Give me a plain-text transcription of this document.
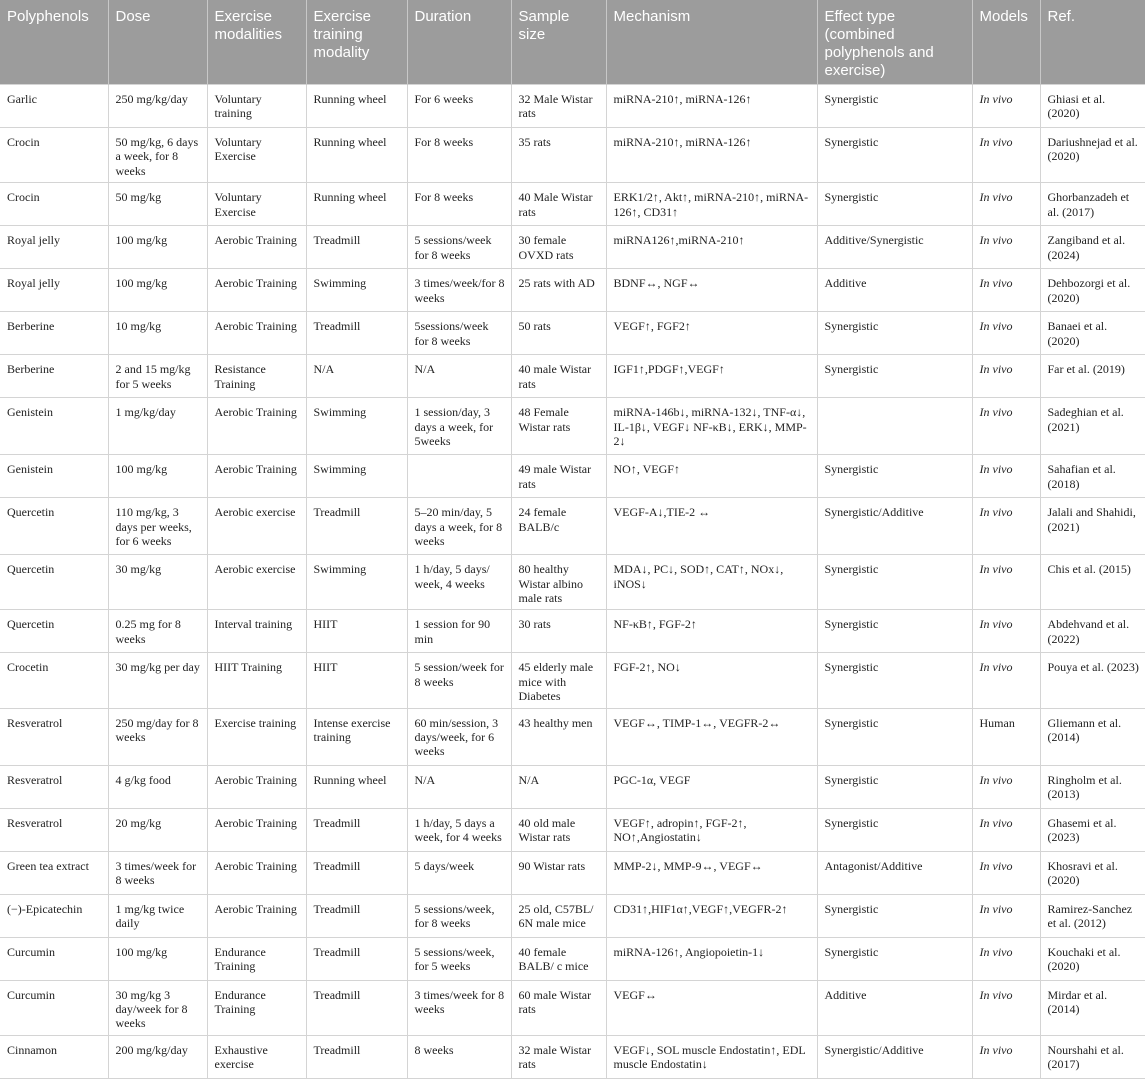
Polyphenols	Dose	Exercise modalities	Exercise training modality	Duration	Sample size	Mechanism	Effect type (combined polyphenols and exercise)	Models	Ref.
Garlic	250 mg/kg/day	Voluntary training	Running wheel	For 6 weeks	32 Male Wistar rats	miRNA-210↑, miRNA-126↑	Synergistic	In vivo	Ghiasi et al. (2020)
Crocin	50 mg/kg, 6 days a week, for 8 weeks	Voluntary Exercise	Running wheel	For 8 weeks	35 rats	miRNA-210↑, miRNA-126↑	Synergistic	In vivo	Dariushnejad et al. (2020)
Crocin	50 mg/kg	Voluntary Exercise	Running wheel	For 8 weeks	40 Male Wistar rats	ERK1/2↑, Akt↑, miRNA-210↑, miRNA-126↑, CD31↑	Synergistic	In vivo	Ghorbanzadeh et al. (2017)
Royal jelly	100 mg/kg	Aerobic Training	Treadmill	5 sessions/week for 8 weeks	30 female OVXD rats	miRNA126↑,miRNA-210↑	Additive/Synergistic	In vivo	Zangiband et al. (2024)
Royal jelly	100 mg/kg	Aerobic Training	Swimming	3 times/week/for 8 weeks	25 rats with AD	BDNF↔, NGF↔	Additive	In vivo	Dehbozorgi et al. (2020)
Berberine	10 mg/kg	Aerobic Training	Treadmill	5sessions/week for 8 weeks	50 rats	VEGF↑, FGF2↑	Synergistic	In vivo	Banaei et al. (2020)
Berberine	2 and 15 mg/kg for 5 weeks	Resistance Training	N/A	N/A	40 male Wistar rats	IGF1↑,PDGF↑,VEGF↑	Synergistic	In vivo	Far et al. (2019)
Genistein	1 mg/kg/day	Aerobic Training	Swimming	1 session/day, 3 days a week, for 5weeks	48 Female Wistar rats	miRNA-146b↓, miRNA-132↓, TNF-α↓, IL-1β↓, VEGF↓ NF-κB↓, ERK↓, MMP-2↓		In vivo	Sadeghian et al. (2021)
Genistein	100 mg/kg	Aerobic Training	Swimming		49 male Wistar rats	NO↑, VEGF↑	Synergistic	In vivo	Sahafian et al. (2018)
Quercetin	110 mg/kg, 3 days per weeks, for 6 weeks	Aerobic exercise	Treadmill	5–20 min/day, 5 days a week, for 8 weeks	24 female BALB/c	VEGF-A↓,TIE-2 ↔	Synergistic/Additive	In vivo	Jalali and Shahidi, (2021)
Quercetin	30 mg/kg	Aerobic exercise	Swimming	1 h/day, 5 days/ week, 4 weeks	80 healthy Wistar albino male rats	MDA↓, PC↓, SOD↑, CAT↑, NOx↓, iNOS↓	Synergistic	In vivo	Chis et al. (2015)
Quercetin	0.25 mg for 8 weeks	Interval training	HIIT	1 session for 90 min	30 rats	NF-κB↑, FGF-2↑	Synergistic	In vivo	Abdehvand et al. (2022)
Crocetin	30 mg/kg per day	HIIT Training	HIIT	5 session/week for 8 weeks	45 elderly male mice with Diabetes	FGF-2↑, NO↓	Synergistic	In vivo	Pouya et al. (2023)
Resveratrol	250 mg/day for 8 weeks	Exercise training	Intense exercise training	60 min/session, 3 days/week, for 6 weeks	43 healthy men	VEGF↔, TIMP-1↔, VEGFR-2↔	Synergistic	Human	Gliemann et al. (2014)
Resveratrol	4 g/kg food	Aerobic Training	Running wheel	N/A	N/A	PGC-1α, VEGF	Synergistic	In vivo	Ringholm et al. (2013)
Resveratrol	20 mg/kg	Aerobic Training	Treadmill	1 h/day, 5 days a week, for 4 weeks	40 old male Wistar rats	VEGF↑, adropin↑, FGF-2↑, NO↑,Angiostatin↓	Synergistic	In vivo	Ghasemi et al. (2023)
Green tea extract	3 times/week for 8 weeks	Aerobic Training	Treadmill	5 days/week	90 Wistar rats	MMP-2↓, MMP-9↔, VEGF↔	Antagonist/Additive	In vivo	Khosravi et al. (2020)
(−)-Epicatechin	1 mg/kg twice daily	Aerobic Training	Treadmill	5 sessions/week, for 8 weeks	25 old, C57BL/ 6N male mice	CD31↑,HIF1α↑,VEGF↑,VEGFR-2↑	Synergistic	In vivo	Ramirez-Sanchez et al. (2012)
Curcumin	100 mg/kg	Endurance Training	Treadmill	5 sessions/week, for 5 weeks	40 female BALB/ c mice	miRNA-126↑, Angiopoietin-1↓	Synergistic	In vivo	Kouchaki et al. (2020)
Curcumin	30 mg/kg 3 day/week for 8 weeks	Endurance Training	Treadmill	3 times/week for 8 weeks	60 male Wistar rats	VEGF↔	Additive	In vivo	Mirdar et al. (2014)
Cinnamon	200 mg/kg/day	Exhaustive exercise	Treadmill	8 weeks	32 male Wistar rats	VEGF↓, SOL muscle Endostatin↑, EDL muscle Endostatin↓	Synergistic/Additive	In vivo	Nourshahi et al. (2017)
